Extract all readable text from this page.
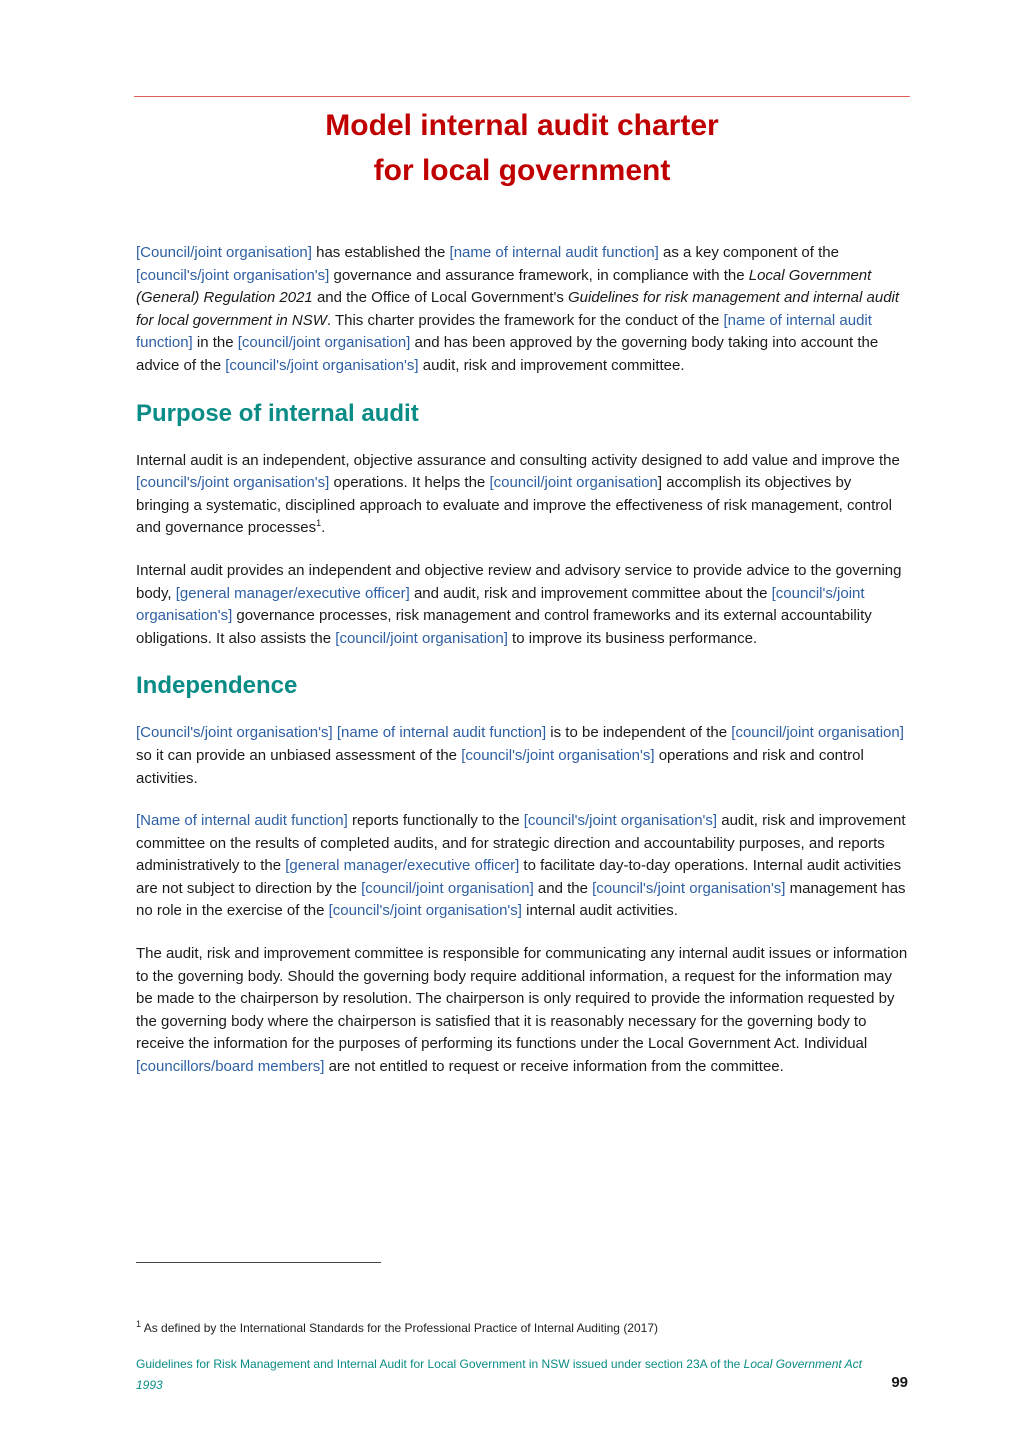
Model internal audit charter
for local government

[Council/joint organisation] has established the [name of internal audit function] as a key component of the [council's/joint organisation's] governance and assurance framework, in compliance with the Local Government (General) Regulation 2021 and the Office of Local Government's Guidelines for risk management and internal audit for local government in NSW. This charter provides the framework for the conduct of the [name of internal audit function] in the [council/joint organisation] and has been approved by the governing body taking into account the advice of the [council's/joint organisation's] audit, risk and improvement committee.

Purpose of internal audit

Internal audit is an independent, objective assurance and consulting activity designed to add value and improve the [council's/joint organisation's] operations. It helps the [council/joint organisation] accomplish its objectives by bringing a systematic, disciplined approach to evaluate and improve the effectiveness of risk management, control and governance processes$^1$.

Internal audit provides an independent and objective review and advisory service to provide advice to the governing body, [general manager/executive officer] and audit, risk and improvement committee about the [council's/joint organisation's] governance processes, risk management and control frameworks and its external accountability obligations. It also assists the [council/joint organisation] to improve its business performance.

Independence

[Council's/joint organisation's] [name of internal audit function] is to be independent of the [council/joint organisation] so it can provide an unbiased assessment of the [council's/joint organisation's] operations and risk and control activities.

[Name of internal audit function] reports functionally to the [council's/joint organisation's] audit, risk and improvement committee on the results of completed audits, and for strategic direction and accountability purposes, and reports administratively to the [general manager/executive officer] to facilitate day-to-day operations. Internal audit activities are not subject to direction by the [council/joint organisation] and the [council's/joint organisation's] management has no role in the exercise of the [council's/joint organisation's] internal audit activities.

The audit, risk and improvement committee is responsible for communicating any internal audit issues or information to the governing body. Should the governing body require additional information, a request for the information may be made to the chairperson by resolution. The chairperson is only required to provide the information requested by the governing body where the chairperson is satisfied that it is reasonably necessary for the governing body to receive the information for the purposes of performing its functions under the Local Government Act. Individual [councillors/board members] are not entitled to request or receive information from the committee.

$^1$ As defined by the International Standards for the Professional Practice of Internal Auditing (2017)
Guidelines for Risk Management and Internal Audit for Local Government in NSW issued under section 23A of the Local Government Act 1993	99
